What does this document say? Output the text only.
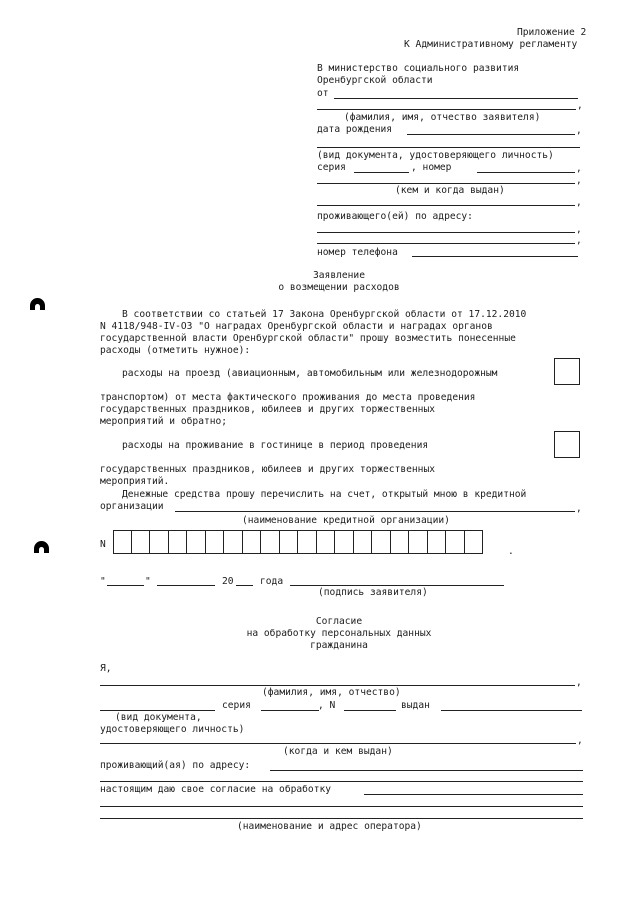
Приложение 2
К Административному регламенту
В министерство социального развития
Оренбургской области
от
,
(фамилия, имя, отчество заявителя)
дата рождения	,
(вид документа, удостоверяющего личность)
серия	, номер	,
,
(кем и когда выдан)
,
проживающего(ей) по адресу:
,
,
номер телефона
Заявление
о возмещении расходов
В соответствии со статьей 17 Закона Оренбургской области от 17.12.2010
N 4118/948-IV-ОЗ "О наградах Оренбургской области и наградах органов
государственной власти Оренбургской области" прошу возместить понесенные
расходы (отметить нужное):
расходы на проезд (авиационным, автомобильным или железнодорожным
транспортом) от места фактического проживания до места проведения
государственных праздников, юбилеев и других торжественных
мероприятий и обратно;
расходы на проживание в гостинице в период проведения
государственных праздников, юбилеев и других торжественных
мероприятий.
Денежные средства прошу перечислить на счет, открытый мною в кредитной
организации	,
(наименование кредитной организации)
N
.
"	"	20	года
(подпись заявителя)
Согласие
на обработку персональных данных
гражданина
Я,
,
(фамилия, имя, отчество)
серия	, N	выдан
(вид документа,
удостоверяющего личность)
,
(когда и кем выдан)
проживающий(ая) по адресу:
настоящим даю свое согласие на обработку
(наименование и адрес оператора)
